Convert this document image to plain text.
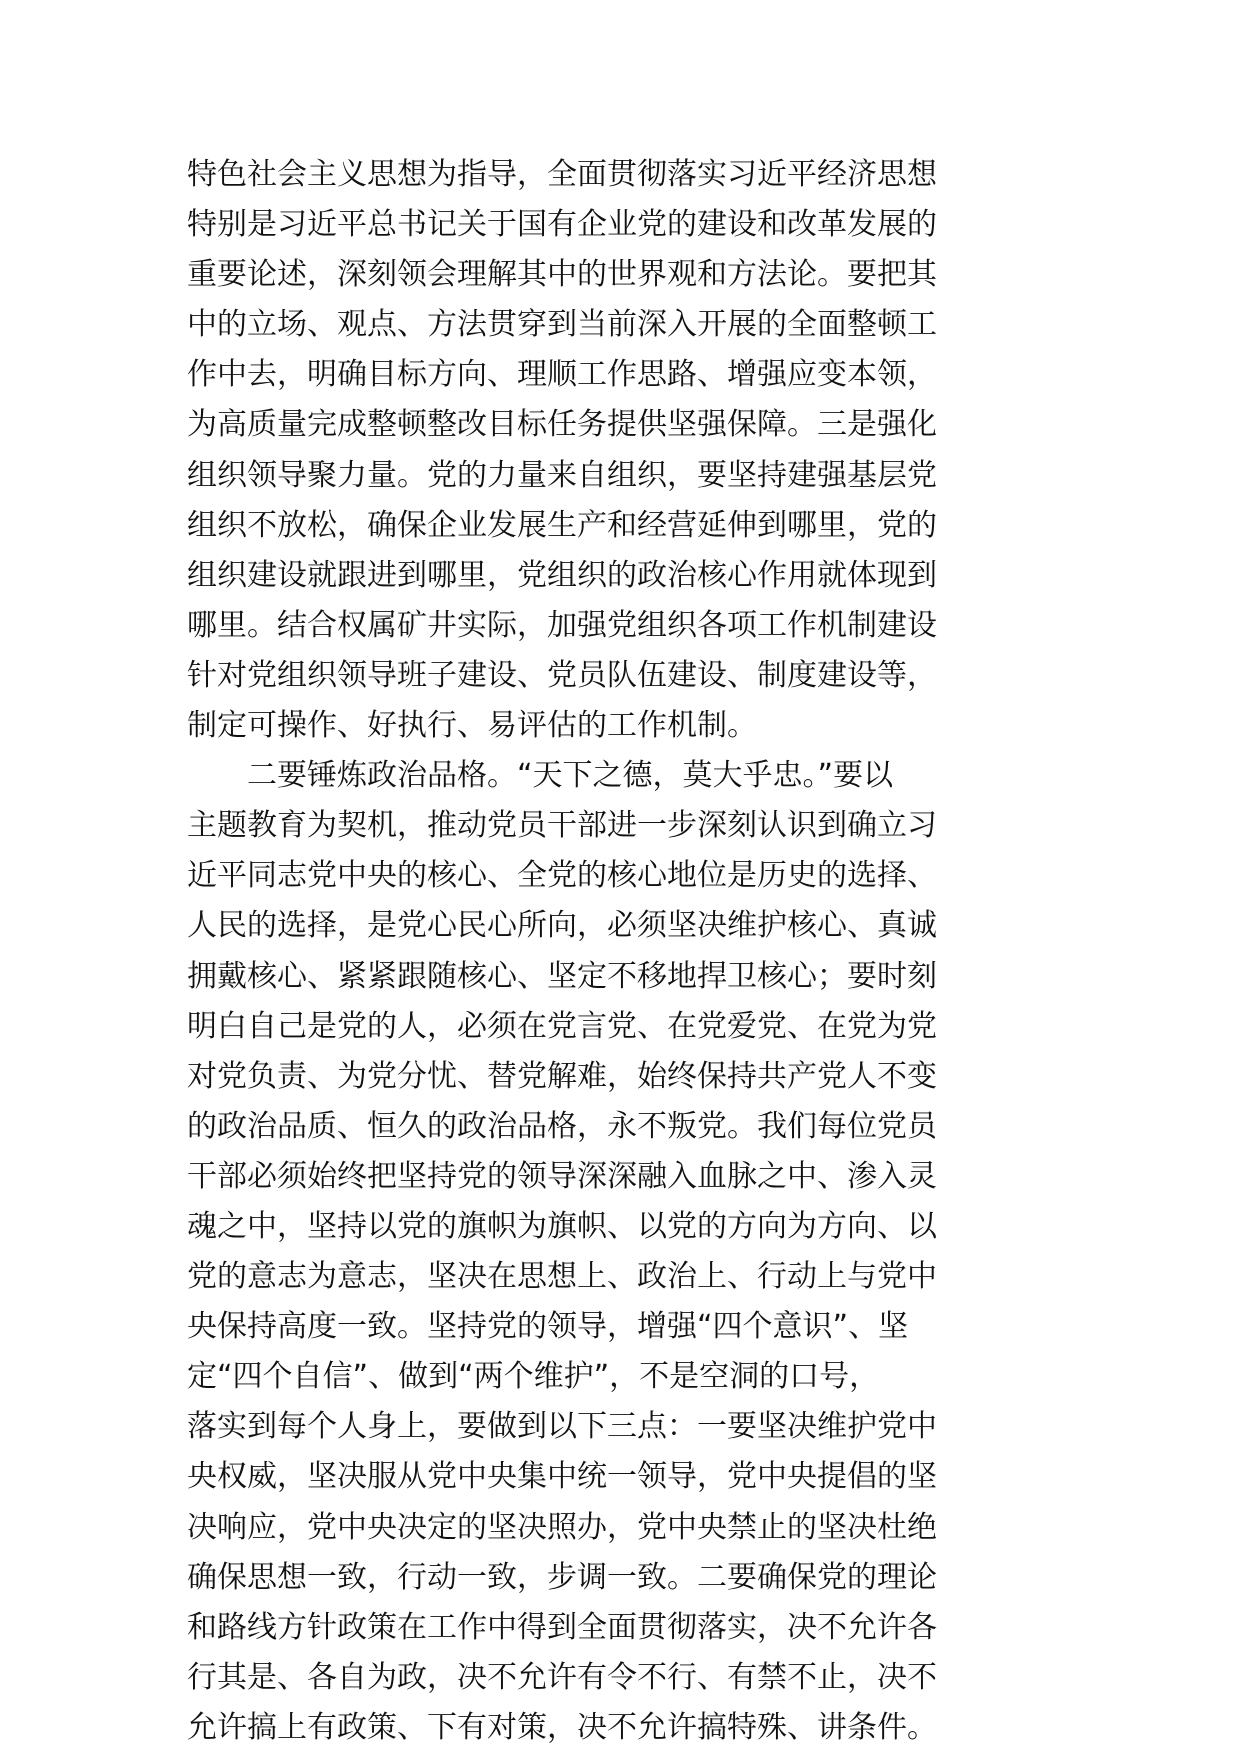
特色社会主义思想为指导，全面贯彻落实习近平经济思想
特别是习近平总书记关于国有企业党的建设和改革发展的
重要论述，深刻领会理解其中的世界观和方法论。要把其
中的立场、观点、方法贯穿到当前深入开展的全面整顿工
作中去，明确目标方向、理顺工作思路、增强应变本领，
为高质量完成整顿整改目标任务提供坚强保障。三是强化
组织领导聚力量。党的力量来自组织，要坚持建强基层党
组织不放松，确保企业发展生产和经营延伸到哪里，党的
组织建设就跟进到哪里，党组织的政治核心作用就体现到
哪里。结合权属矿井实际，加强党组织各项工作机制建设
针对党组织领导班子建设、党员队伍建设、制度建设等，
制定可操作、好执行、易评估的工作机制。
二要锤炼政治品格。“天下之德，莫大乎忠。”要以
主题教育为契机，推动党员干部进一步深刻认识到确立习
近平同志党中央的核心、全党的核心地位是历史的选择、
人民的选择，是党心民心所向，必须坚决维护核心、真诚
拥戴核心、紧紧跟随核心、坚定不移地捍卫核心；要时刻
明白自己是党的人，必须在党言党、在党爱党、在党为党
对党负责、为党分忧、替党解难，始终保持共产党人不变
的政治品质、恒久的政治品格，永不叛党。我们每位党员
干部必须始终把坚持党的领导深深融入血脉之中、渗入灵
魂之中，坚持以党的旗帜为旗帜、以党的方向为方向、以
党的意志为意志，坚决在思想上、政治上、行动上与党中
央保持高度一致。坚持党的领导，增强“四个意识”、坚
定“四个自信”、做到“两个维护”，不是空洞的口号，
落实到每个人身上，要做到以下三点：一要坚决维护党中
央权威，坚决服从党中央集中统一领导，党中央提倡的坚
决响应，党中央决定的坚决照办，党中央禁止的坚决杜绝
确保思想一致，行动一致，步调一致。二要确保党的理论
和路线方针政策在工作中得到全面贯彻落实，决不允许各
行其是、各自为政，决不允许有令不行、有禁不止，决不
允许搞上有政策、下有对策，决不允许搞特殊、讲条件。
